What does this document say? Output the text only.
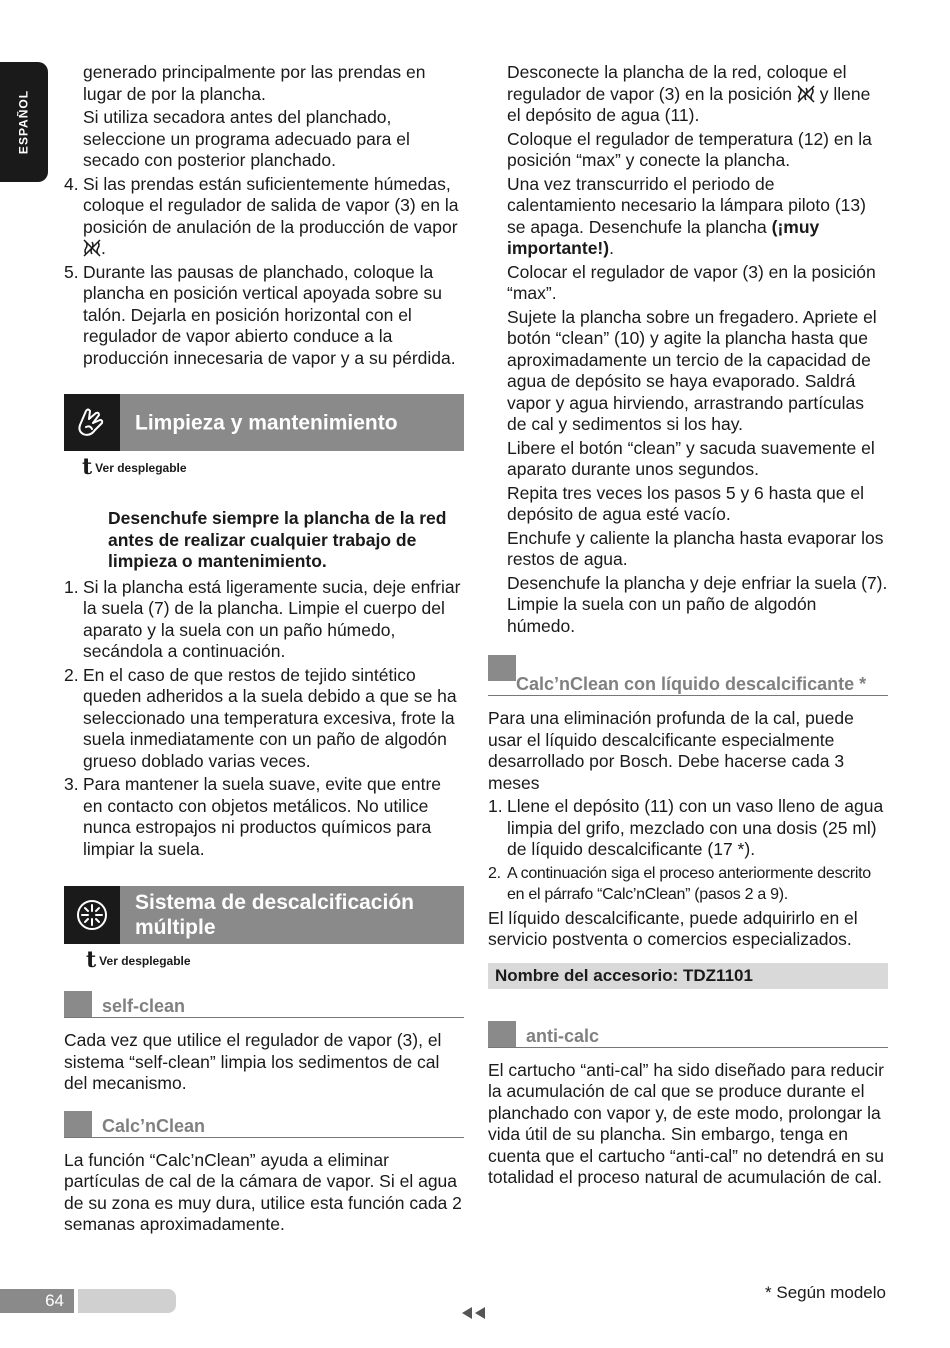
ESPAÑOL

generado principalmente por las prendas en lugar de por la plancha.

Si utiliza secadora antes del planchado, seleccione un programa adecuado para el secado con posterior planchado.

4. Si las prendas están suficientemente húmedas, coloque el regulador de salida de vapor (3) en la posición de anulación de la producción de vapor .
5. Durante las pausas de planchado, coloque la plancha en posición vertical apoyada sobre su talón. Dejarla en posición horizontal con el regulador de vapor abierto conduce a la producción innecesaria de vapor y a su pérdida.
Limpieza y mantenimiento
t Ver desplegable

Desenchufe siempre la plancha de la red antes de realizar cualquier trabajo de limpieza o mantenimiento.

1. Si la plancha está ligeramente sucia, deje enfriar la suela (7) de la plancha. Limpie el cuerpo del aparato y la suela con un paño húmedo, secándola a continuación.
2. En el caso de que restos de tejido sintético queden adheridos a la suela debido a que se ha seleccionado una temperatura excesiva, frote la suela inmediatamente con un paño de algodón grueso doblado varias veces.
3. Para mantener la suela suave, evite que entre en contacto con objetos metálicos. No utilice nunca estropajos ni productos químicos para limpiar la suela.
Sistema de descalcificación múltiple
t Ver desplegable
self-clean

Cada vez que utilice el regulador de vapor (3), el sistema “self-clean” limpia los sedimentos de cal del mecanismo.

Calc’nClean

La función “Calc’nClean” ayuda a eliminar partículas de cal de la cámara de vapor. Si el agua de su zona es muy dura, utilice esta función cada 2 semanas aproximadamente.

Desconecte la plancha de la red, coloque el regulador de vapor (3) en la posición  y llene el depósito de agua (11).

Coloque el regulador de temperatura (12) en la posición “max” y conecte la plancha.

Una vez transcurrido el periodo de calentamiento necesario la lámpara piloto (13) se apaga. Desenchufe la plancha (¡muy importante!).

Colocar el regulador de vapor (3) en la posición “max”.

Sujete la plancha sobre un fregadero. Apriete el botón “clean” (10) y agite la plancha hasta que aproximadamente un tercio de la capacidad de agua de depósito se haya evaporado. Saldrá vapor y agua hirviendo, arrastrando partículas de cal y sedimentos si los hay.

Libere el botón “clean” y sacuda suavemente el aparato durante unos segundos.

Repita tres veces los pasos 5 y 6 hasta que el depósito de agua esté vacío.

Enchufe y caliente la plancha hasta evaporar los restos de agua.

Desenchufe la plancha y deje enfriar la suela (7). Limpie la suela con un paño de algodón húmedo.

Calc’nClean con líquido descalcificante *

Para una eliminación profunda de la cal, puede usar el líquido descalcificante especialmente desarrollado por Bosch. Debe hacerse cada 3 meses

1. Llene el depósito (11) con un vaso lleno de agua limpia del grifo, mezclado con una dosis (25 ml) de líquido descalcificante (17 *).
2. A continuación siga el proceso anteriormente descrito en el párrafo “Calc’nClean” (pasos 2 a 9).

El líquido descalcificante, puede adquirirlo en el servicio postventa o comercios especializados.

Nombre del accesorio: TDZ1101
anti-calc

El cartucho “anti-cal” ha sido diseñado para reducir la acumulación de cal que se produce durante el planchado con vapor y, de este modo, prolongar la vida útil de su plancha. Sin embargo, tenga en cuenta que el cartucho “anti-cal” no detendrá en su totalidad el proceso natural de acumulación de cal.

64	* Según modelo
